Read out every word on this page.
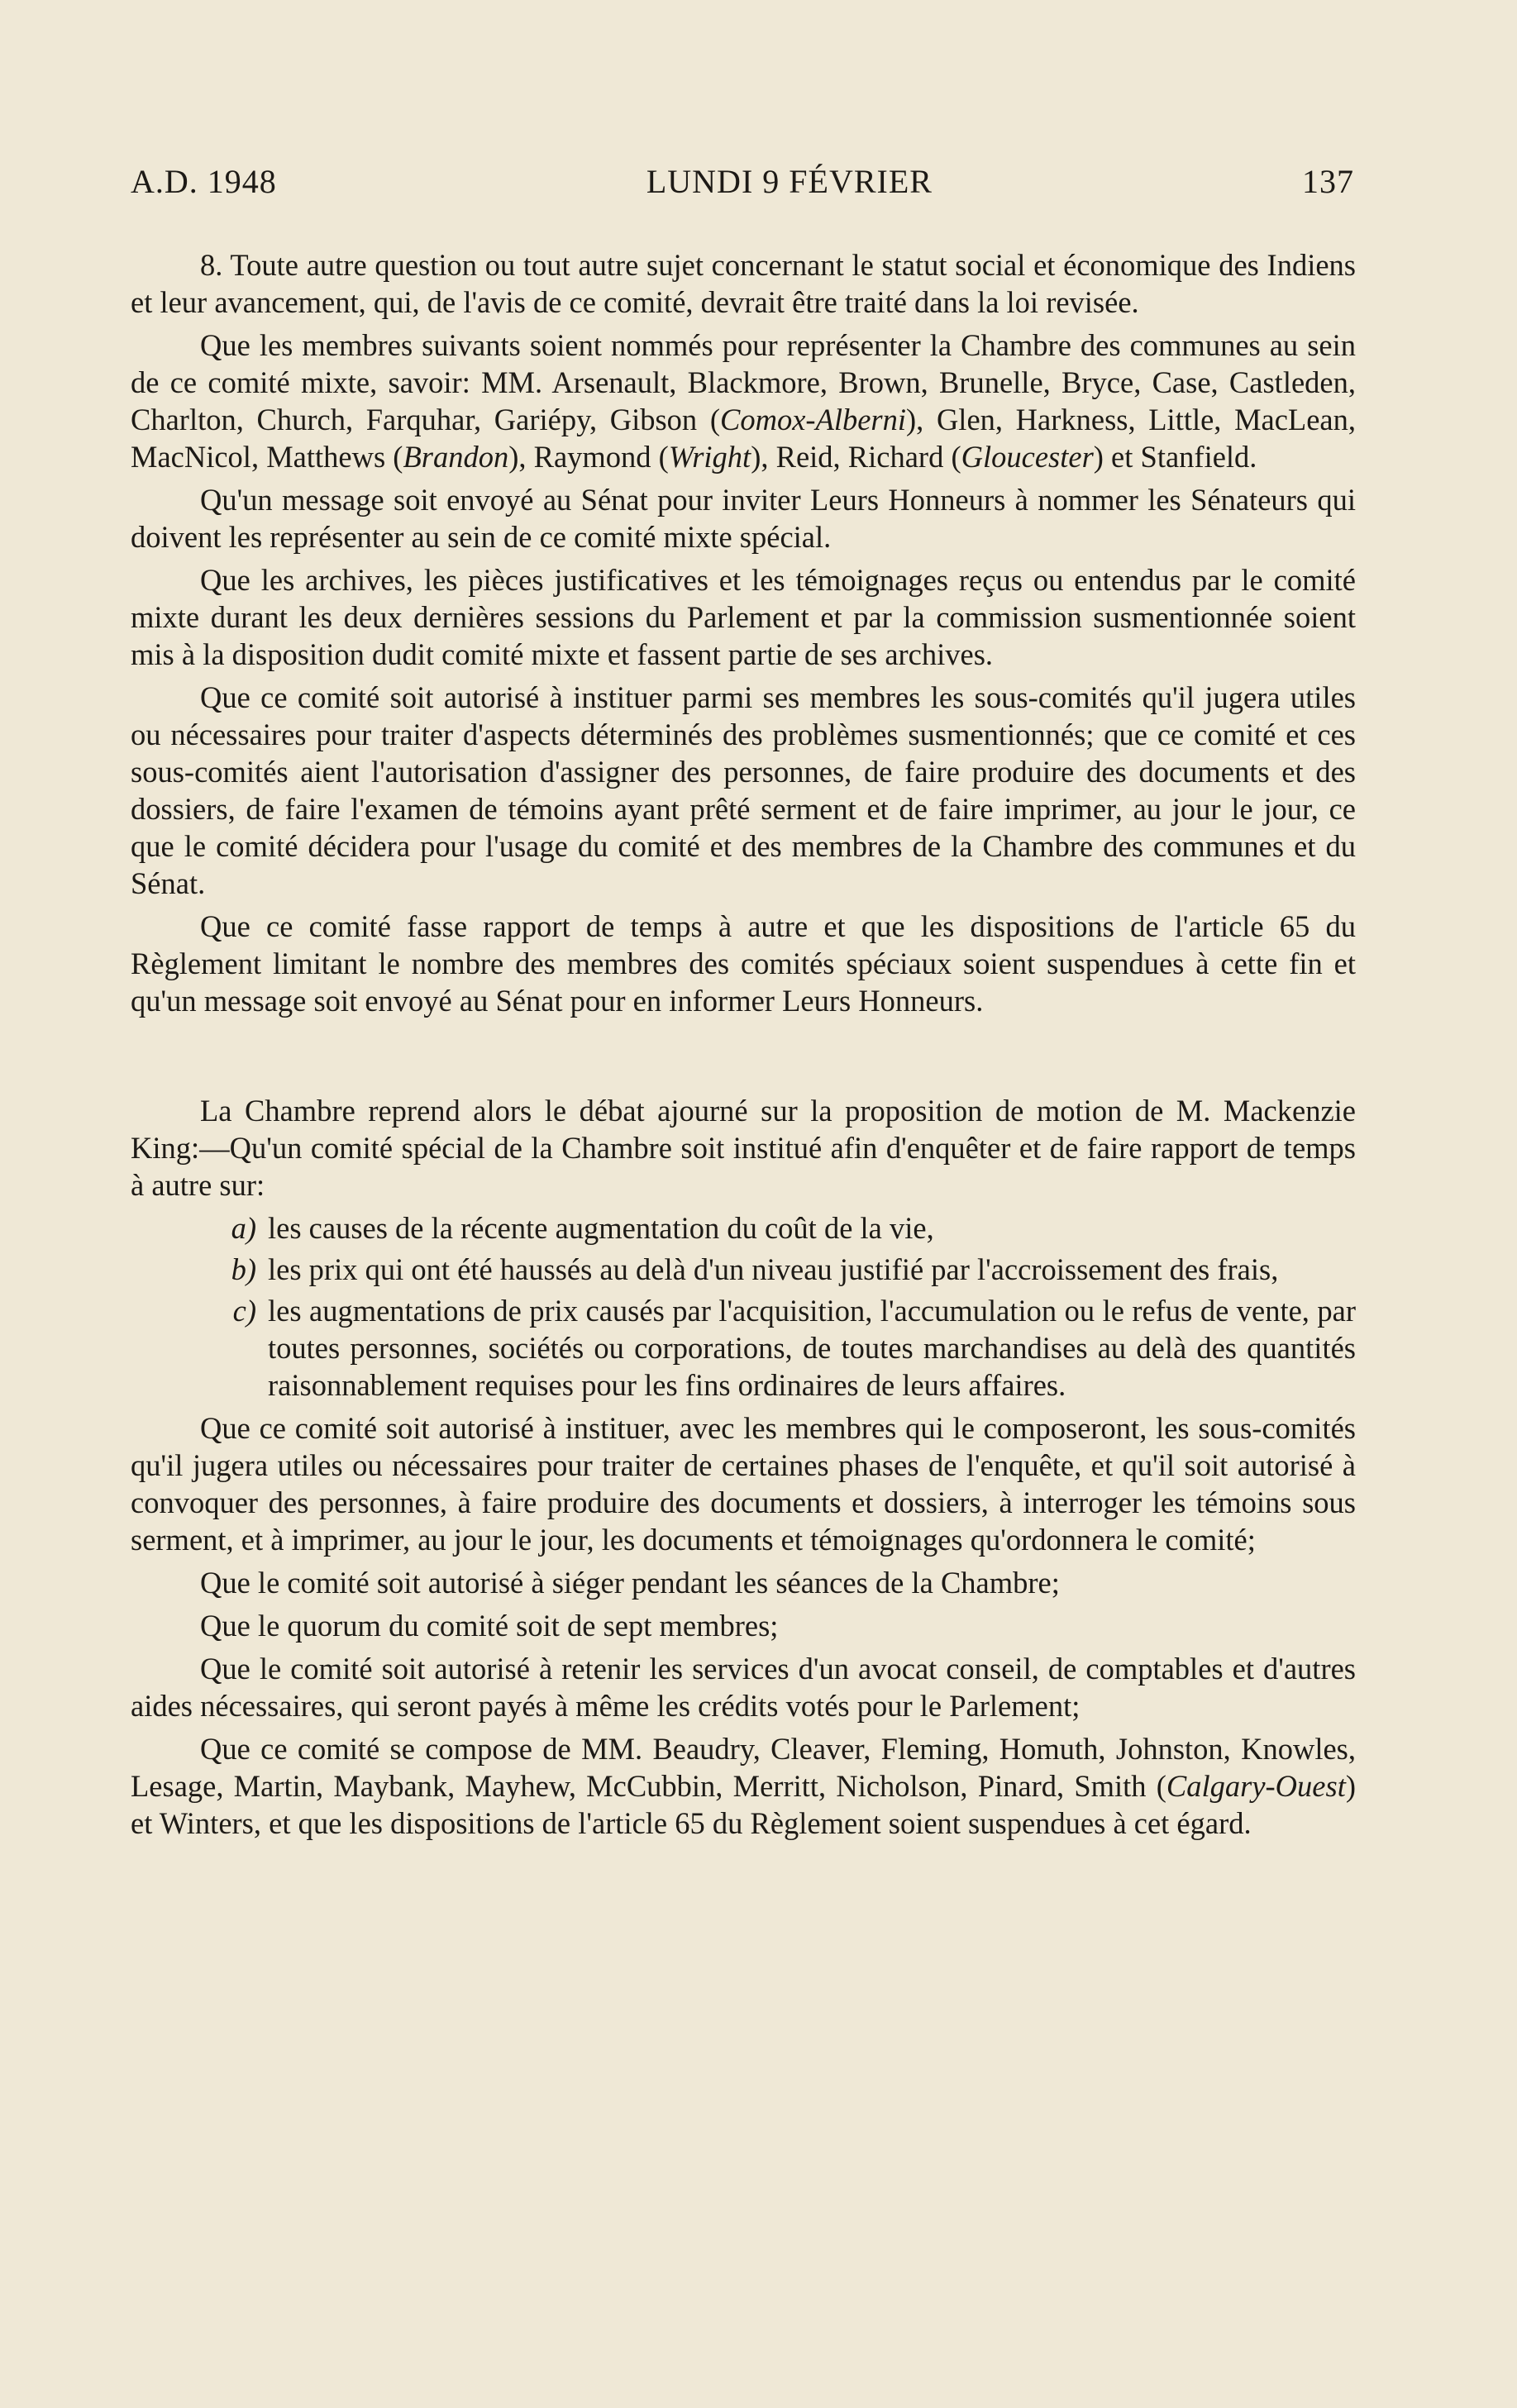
A.D. 1948	LUNDI 9 FÉVRIER	137

8. Toute autre question ou tout autre sujet concernant le statut social et économique des Indiens et leur avancement, qui, de l'avis de ce comité, devrait être traité dans la loi revisée.

Que les membres suivants soient nommés pour représenter la Chambre des communes au sein de ce comité mixte, savoir: MM. Arsenault, Blackmore, Brown, Brunelle, Bryce, Case, Castleden, Charlton, Church, Farquhar, Gariépy, Gibson (Comox-Alberni), Glen, Harkness, Little, MacLean, MacNicol, Matthews (Brandon), Raymond (Wright), Reid, Richard (Gloucester) et Stanfield.

Qu'un message soit envoyé au Sénat pour inviter Leurs Honneurs à nommer les Sénateurs qui doivent les représenter au sein de ce comité mixte spécial.

Que les archives, les pièces justificatives et les témoignages reçus ou entendus par le comité mixte durant les deux dernières sessions du Parlement et par la commission susmentionnée soient mis à la disposition dudit comité mixte et fassent partie de ses archives.

Que ce comité soit autorisé à instituer parmi ses membres les sous-comités qu'il jugera utiles ou nécessaires pour traiter d'aspects déterminés des problèmes susmentionnés; que ce comité et ces sous-comités aient l'autorisation d'assigner des personnes, de faire produire des documents et des dossiers, de faire l'examen de témoins ayant prêté serment et de faire imprimer, au jour le jour, ce que le comité décidera pour l'usage du comité et des membres de la Chambre des communes et du Sénat.

Que ce comité fasse rapport de temps à autre et que les dispositions de l'article 65 du Règlement limitant le nombre des membres des comités spéciaux soient suspendues à cette fin et qu'un message soit envoyé au Sénat pour en informer Leurs Honneurs.

La Chambre reprend alors le débat ajourné sur la proposition de motion de M. Mackenzie King:—Qu'un comité spécial de la Chambre soit institué afin d'enquêter et de faire rapport de temps à autre sur:

a) les causes de la récente augmentation du coût de la vie,
b) les prix qui ont été haussés au delà d'un niveau justifié par l'accroissement des frais,
c) les augmentations de prix causés par l'acquisition, l'accumulation ou le refus de vente, par toutes personnes, sociétés ou corporations, de toutes marchandises au delà des quantités raisonnablement requises pour les fins ordinaires de leurs affaires.

Que ce comité soit autorisé à instituer, avec les membres qui le composeront, les sous-comités qu'il jugera utiles ou nécessaires pour traiter de certaines phases de l'enquête, et qu'il soit autorisé à convoquer des personnes, à faire produire des documents et dossiers, à interroger les témoins sous serment, et à imprimer, au jour le jour, les documents et témoignages qu'ordonnera le comité;

Que le comité soit autorisé à siéger pendant les séances de la Chambre;

Que le quorum du comité soit de sept membres;

Que le comité soit autorisé à retenir les services d'un avocat conseil, de comptables et d'autres aides nécessaires, qui seront payés à même les crédits votés pour le Parlement;

Que ce comité se compose de MM. Beaudry, Cleaver, Fleming, Homuth, Johnston, Knowles, Lesage, Martin, Maybank, Mayhew, McCubbin, Merritt, Nicholson, Pinard, Smith (Calgary-Ouest) et Winters, et que les dispositions de l'article 65 du Règlement soient suspendues à cet égard.
